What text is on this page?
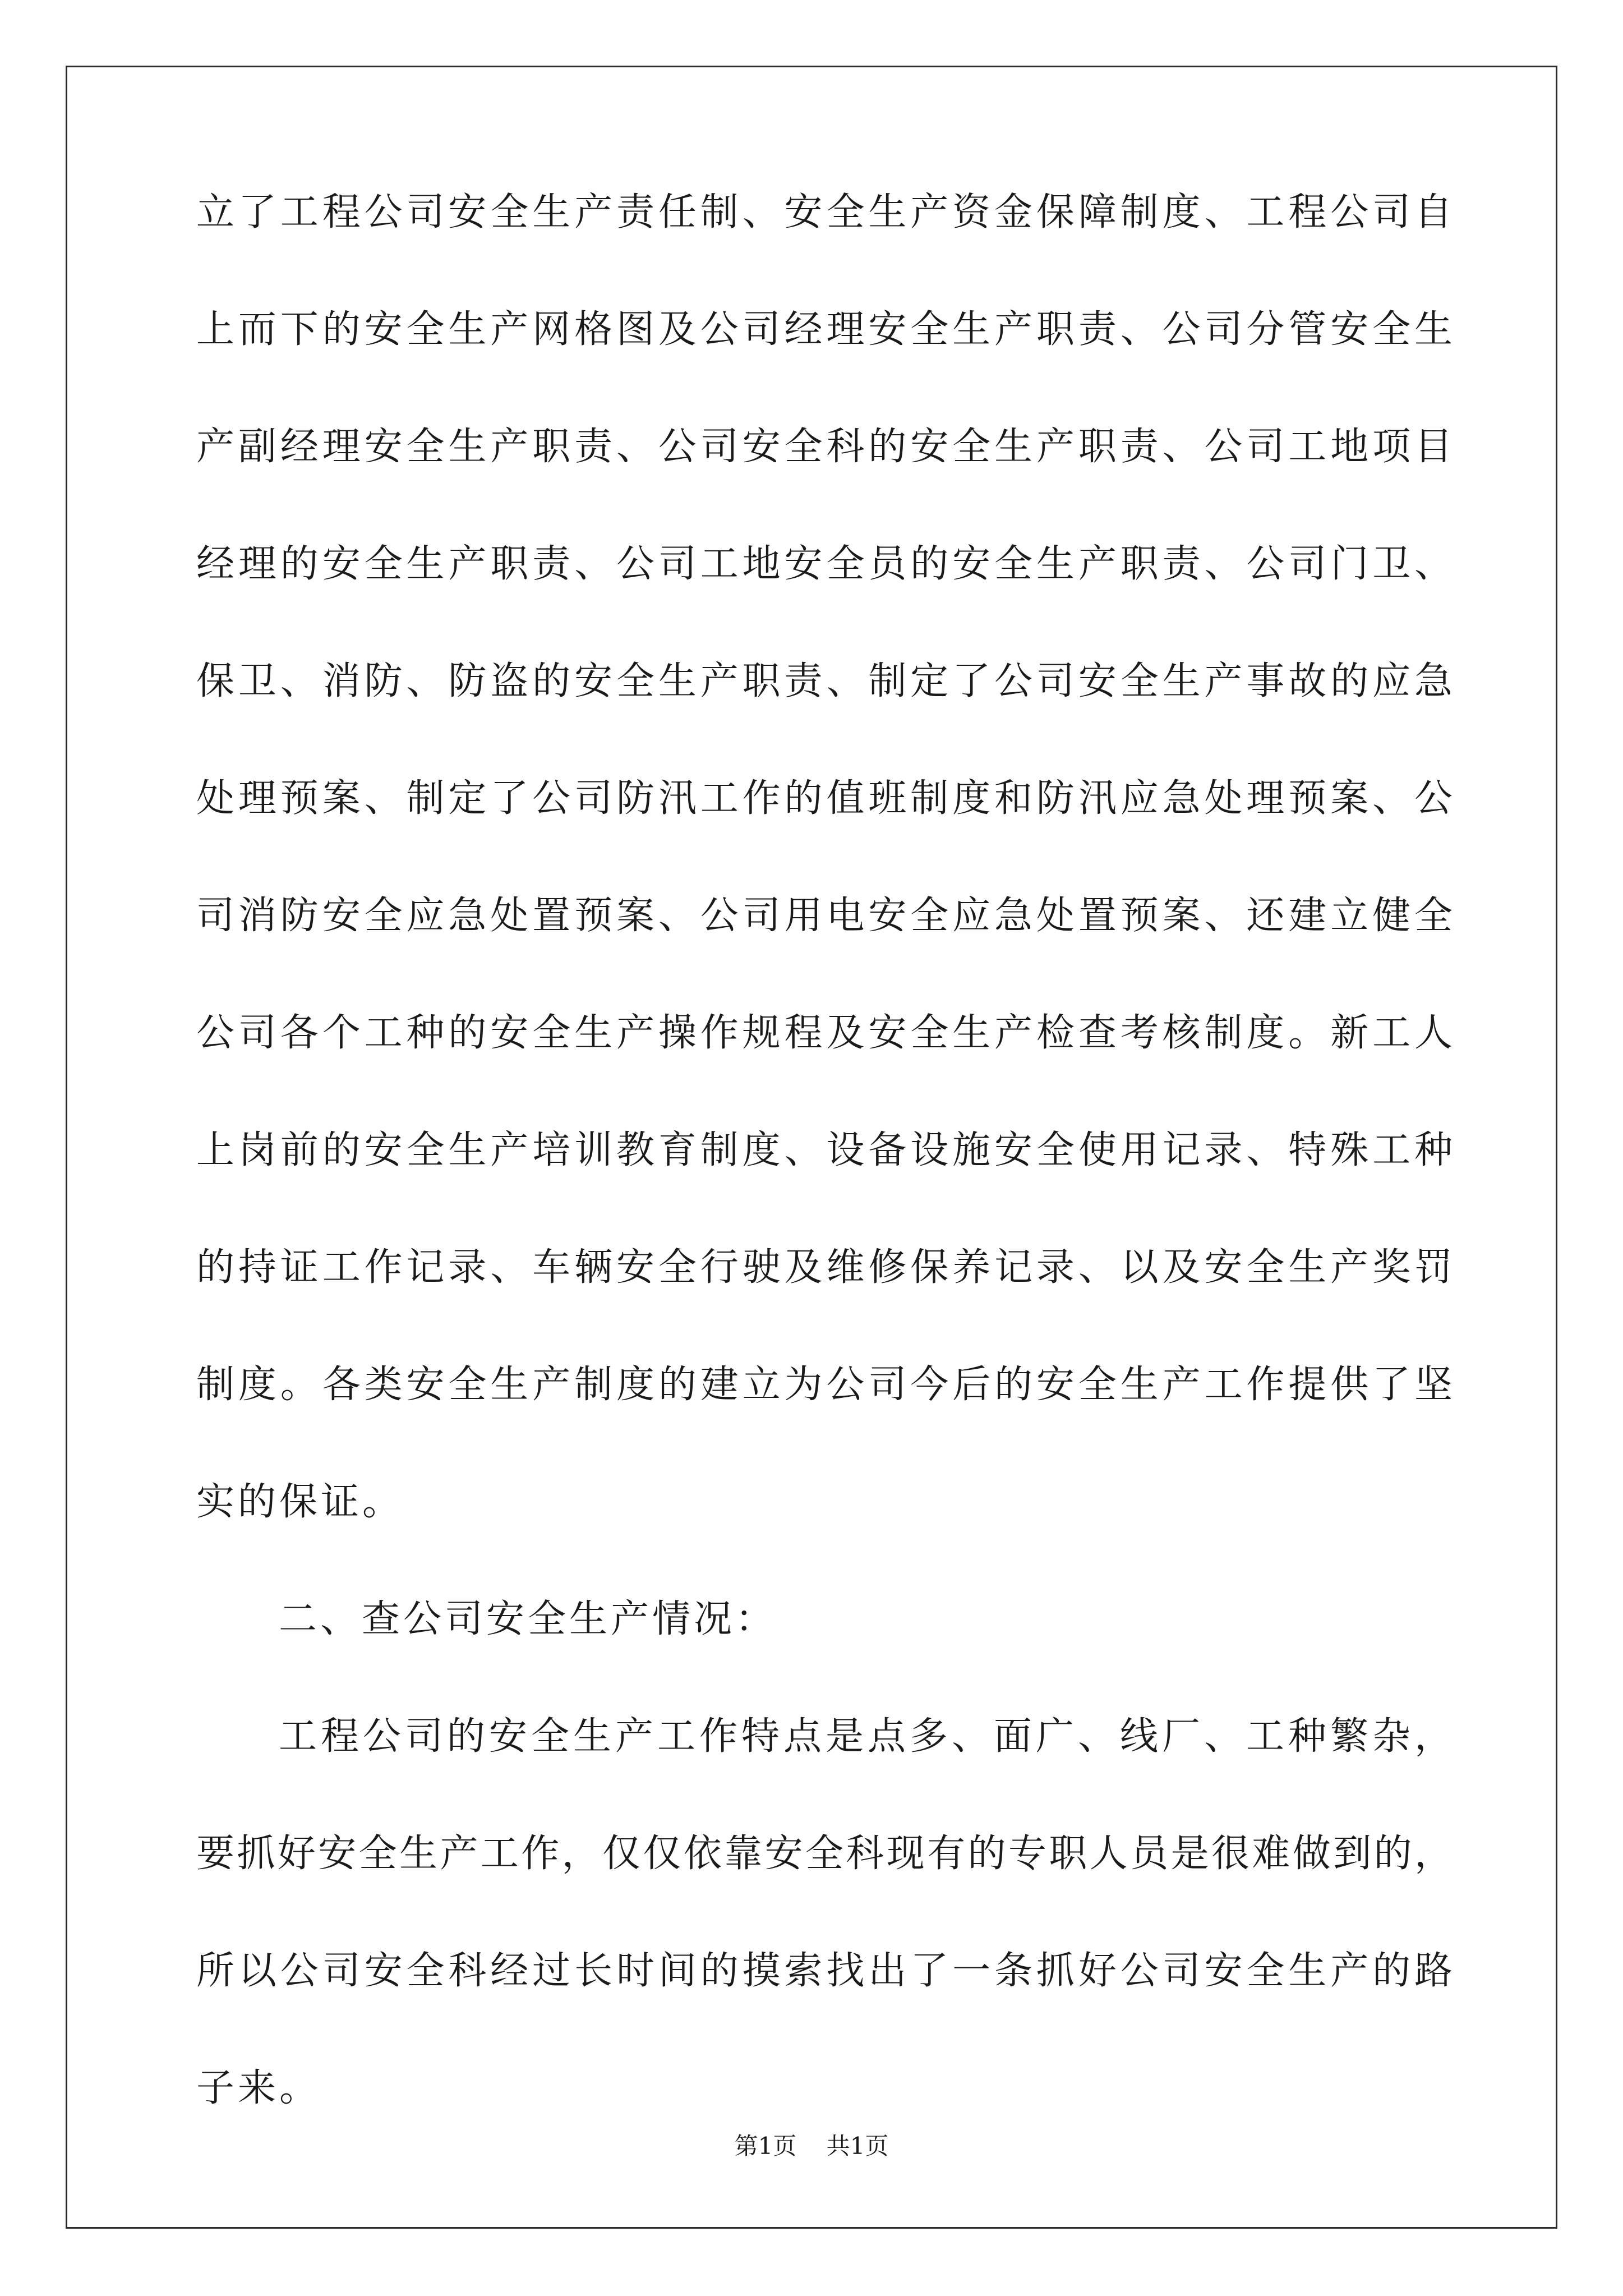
立了工程公司安全生产责任制、安全生产资金保障制度、工程公司自
上而下的安全生产网格图及公司经理安全生产职责、公司分管安全生
产副经理安全生产职责、公司安全科的安全生产职责、公司工地项目
经理的安全生产职责、公司工地安全员的安全生产职责、公司门卫、
保卫、消防、防盗的安全生产职责、制定了公司安全生产事故的应急
处理预案、制定了公司防汛工作的值班制度和防汛应急处理预案、公
司消防安全应急处置预案、公司用电安全应急处置预案、还建立健全
公司各个工种的安全生产操作规程及安全生产检查考核制度。新工人
上岗前的安全生产培训教育制度、设备设施安全使用记录、特殊工种
的持证工作记录、车辆安全行驶及维修保养记录、以及安全生产奖罚
制度。各类安全生产制度的建立为公司今后的安全生产工作提供了坚
实的保证。
二、查公司安全生产情况：
工程公司的安全生产工作特点是点多、面广、线厂、工种繁杂，
要抓好安全生产工作，仅仅依靠安全科现有的专职人员是很难做到的，
所以公司安全科经过长时间的摸索找出了一条抓好公司安全生产的路
子来。
第1页    共1页
